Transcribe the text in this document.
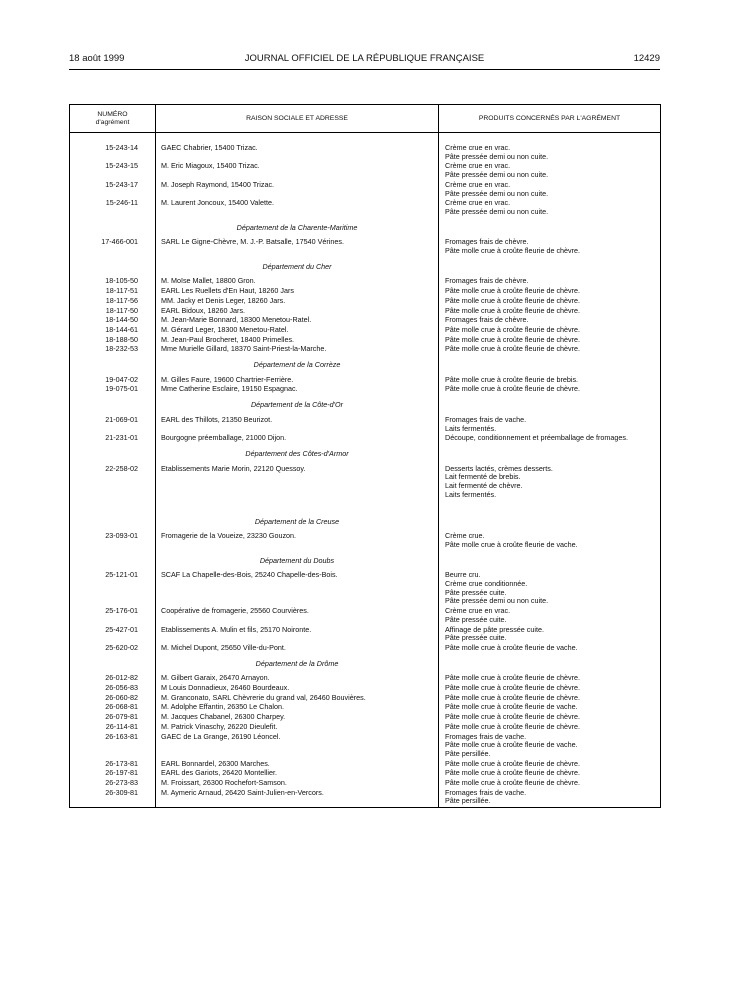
18 août 1999	JOURNAL OFFICIEL DE LA RÉPUBLIQUE FRANÇAISE	12429
NUMÉRO
d'agrément	RAISON SOCIALE ET ADRESSE	PRODUITS CONCERNÉS PAR L'AGRÉMENT

15-243-14	GAEC Chabrier, 15400 Trizac.	Crème crue en vrac.
Pâte pressée demi ou non cuite.

15-243-15	M. Eric Miagoux, 15400 Trizac.	Crème crue en vrac.
Pâte pressée demi ou non cuite.

15-243-17	M. Joseph Raymond, 15400 Trizac.	Crème crue en vrac.
Pâte pressée demi ou non cuite.

15-246-11	M. Laurent Joncoux, 15400 Valette.	Crème crue en vrac.
Pâte pressée demi ou non cuite.

	Département de la Charente-Maritime	
17-466-001	SARL Le Gigne-Chèvre, M. J.-P. Batsalle, 17540 Vérines.	Fromages frais de chèvre.
Pâte molle crue à croûte fleurie de chèvre.

	Département du Cher	
18-105-50	M. Moïse Mallet, 18800 Gron.	Fromages frais de chèvre.

18-117-51	EARL Les Ruellets d'En Haut, 18260 Jars	Pâte molle crue à croûte fleurie de chèvre.

18-117-56	MM. Jacky et Denis Leger, 18260 Jars.	Pâte molle crue à croûte fleurie de chèvre.

18-117-50	EARL Bidoux, 18260 Jars.	Pâte molle crue à croûte fleurie de chèvre.

18-144-50	M. Jean-Marie Bonnard, 18300 Menetou-Ratel.	Fromages frais de chèvre.

18-144-61	M. Gérard Leger, 18300 Menetou-Ratel.	Pâte molle crue à croûte fleurie de chèvre.

18-188-50	M. Jean-Paul Brocheret, 18400 Primelles.	Pâte molle crue à croûte fleurie de chèvre.

18-232-53	Mme Murielle Gillard, 18370 Saint-Priest-la-Marche.	Pâte molle crue à croûte fleurie de chèvre.

	Département de la Corrèze	
19-047-02	M. Gilles Faure, 19600 Chartrier-Ferrière.	Pâte molle crue à croûte fleurie de brebis.

19-075-01	Mme Catherine Esclaire, 19150 Espagnac.	Pâte molle crue à croûte fleurie de chèvre.

	Département de la Côte-d'Or	
21-069-01	EARL des Thillots, 21350 Beurizot.	Fromages frais de vache.
Laits fermentés.

21-231-01	Bourgogne préemballage, 21000 Dijon.	Découpe, conditionnement et préemballage de fromages.

	Département des Côtes-d'Armor	
22-258-02	Etablissements Marie Morin, 22120 Quessoy.	Desserts lactés, crèmes desserts.
Lait fermenté de brebis.
Lait fermenté de chèvre.
Laits fermentés.

	Département de la Creuse	
23-093-01	Fromagerie de la Voueize, 23230 Gouzon.	Crème crue.
Pâte molle crue à croûte fleurie de vache.

	Département du Doubs	
25-121-01	SCAF La Chapelle-des-Bois, 25240 Chapelle-des-Bois.	Beurre cru.
Crème crue conditionnée.
Pâte pressée cuite.
Pâte pressée demi ou non cuite.

25-176-01	Coopérative de fromagerie, 25560 Courvières.	Crème crue en vrac.
Pâte pressée cuite.

25-427-01	Etablissements A. Mulin et fils, 25170 Noironte.	Affinage de pâte pressée cuite.
Pâte pressée cuite.

25-620-02	M. Michel Dupont, 25650 Ville-du-Pont.	Pâte molle crue à croûte fleurie de vache.

	Département de la Drôme	
26-012-82	M. Gilbert Garaix, 26470 Arnayon.	Pâte molle crue à croûte fleurie de chèvre.

26-056-83	M Louis Donnadieux, 26460 Bourdeaux.	Pâte molle crue à croûte fleurie de chèvre.

26-060-82	M. Granconato, SARL Chèvrerie du grand val, 26460 Bouvières.	Pâte molle crue à croûte fleurie de chèvre.

26-068-81	M. Adolphe Effantin, 26350 Le Chalon.	Pâte molle crue à croûte fleurie de vache.

26-079-81	M. Jacques Chabanel, 26300 Charpey.	Pâte molle crue à croûte fleurie de chèvre.

26-114-81	M. Patrick Vinaschy, 26220 Dieulefit.	Pâte molle crue à croûte fleurie de chèvre.

26-163-81	GAEC de La Grange, 26190 Léoncel.	Fromages frais de vache.
Pâte molle crue à croûte fleurie de vache.
Pâte persillée.

26-173-81	EARL Bonnardel, 26300 Marches.	Pâte molle crue à croûte fleurie de chèvre.

26-197-81	EARL des Gariots, 26420 Montellier.	Pâte molle crue à croûte fleurie de chèvre.

26-273-83	M. Froissart, 26300 Rochefort-Samson.	Pâte molle crue à croûte fleurie de chèvre.

26-309-81	M. Aymeric Arnaud, 26420 Saint-Julien-en-Vercors.	Fromages frais de vache.
Pâte persillée.
